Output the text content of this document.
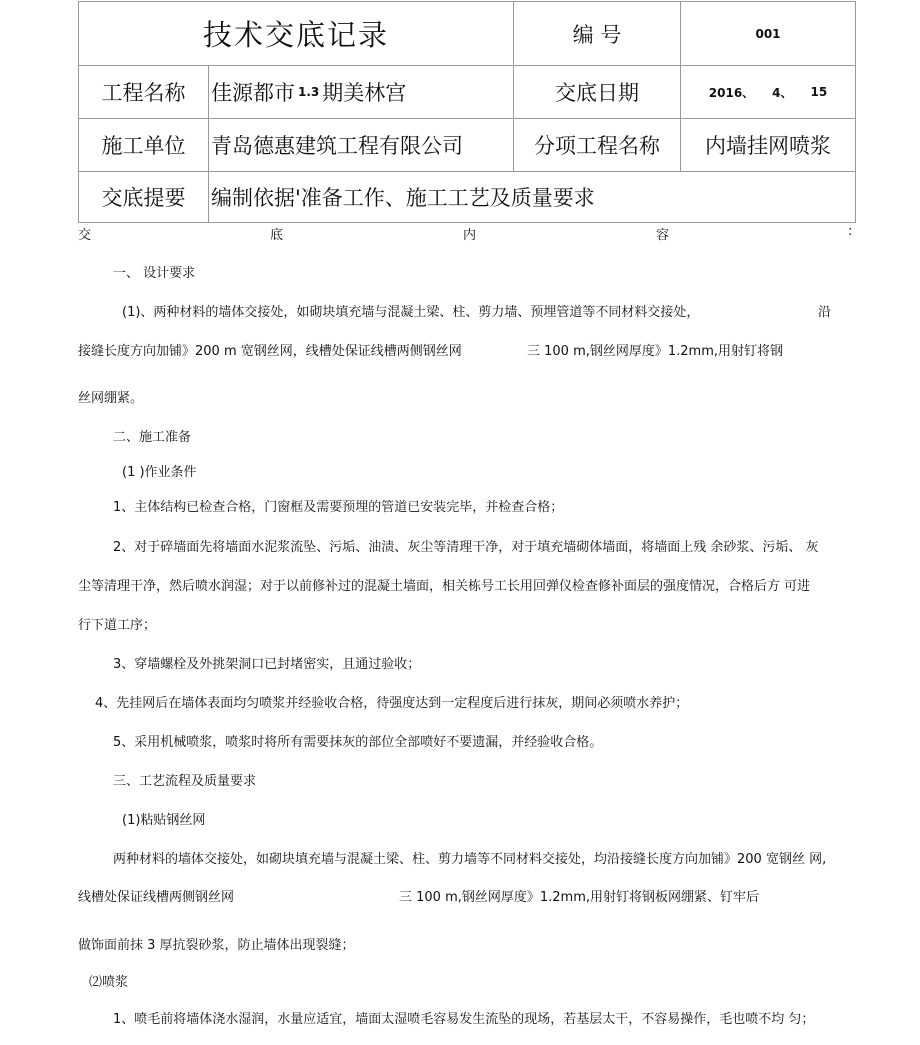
技术交底记录	编 号	001
工程名称	佳源都市 1.3 期美林宫	交底日期	2016、 4、 15
施工单位	青岛德惠建筑工程有限公司	分项工程名称	内墙挂网喷浆
交底提要	编制依据'准备工作、施工工艺及质量要求
交	底	内	容	:
一、 设计要求
(1)、两种材料的墙体交接处，如砌块填充墙与混凝土梁、柱、剪力墙、预埋管道等不同材料交接处，	沿
接缝长度方向加铺》200 m 宽钢丝网，线槽处保证线槽两侧钢丝网	三 100 m,钢丝网厚度》1.2mm,用射钉将钢
丝网绷紧。
二、施工准备
(1 )作业条件
1、主体结构已检查合格，门窗框及需要预埋的管道已安装完毕，并检查合格；
2、对于碎墙面先将墙面水泥浆流坠、污垢、油渍、灰尘等清理干净，对于填充墙砌体墙面，将墙面上残 余砂浆、污垢、 灰
尘等清理干净，然后喷水润湿；对于以前修补过的混凝土墙面，相关栋号工长用回弹仪检查修补面层的强度情况，合格后方 可进
行下道工序；
3、穿墙螺栓及外挑架洞口已封堵密实，且通过验收；
4、先挂网后在墙体表面均匀喷浆并经验收合格，待强度达到一定程度后进行抹灰，期间必须喷水养护；
5、采用机械喷浆，喷浆时将所有需要抹灰的部位全部喷好不要遗漏，并经验收合格。
三、工艺流程及质量要求
(1)粘贴钢丝网
两种材料的墙体交接处，如砌块填充墙与混凝土梁、柱、剪力墙等不同材料交接处，均沿接缝长度方向加铺》200 宽钢丝 网,
线槽处保证线槽两侧钢丝网	三 100 m,钢丝网厚度》1.2mm,用射钉将钢板网绷紧、钉牢后
做饰面前抹 3 厚抗裂砂浆，防止墙体出现裂缝；
⑵喷浆
1、喷毛前将墙体浇水湿润，水量应适宜，墙面太湿喷毛容易发生流坠的现场，若基层太干，不容易操作，毛也喷不均 匀；
